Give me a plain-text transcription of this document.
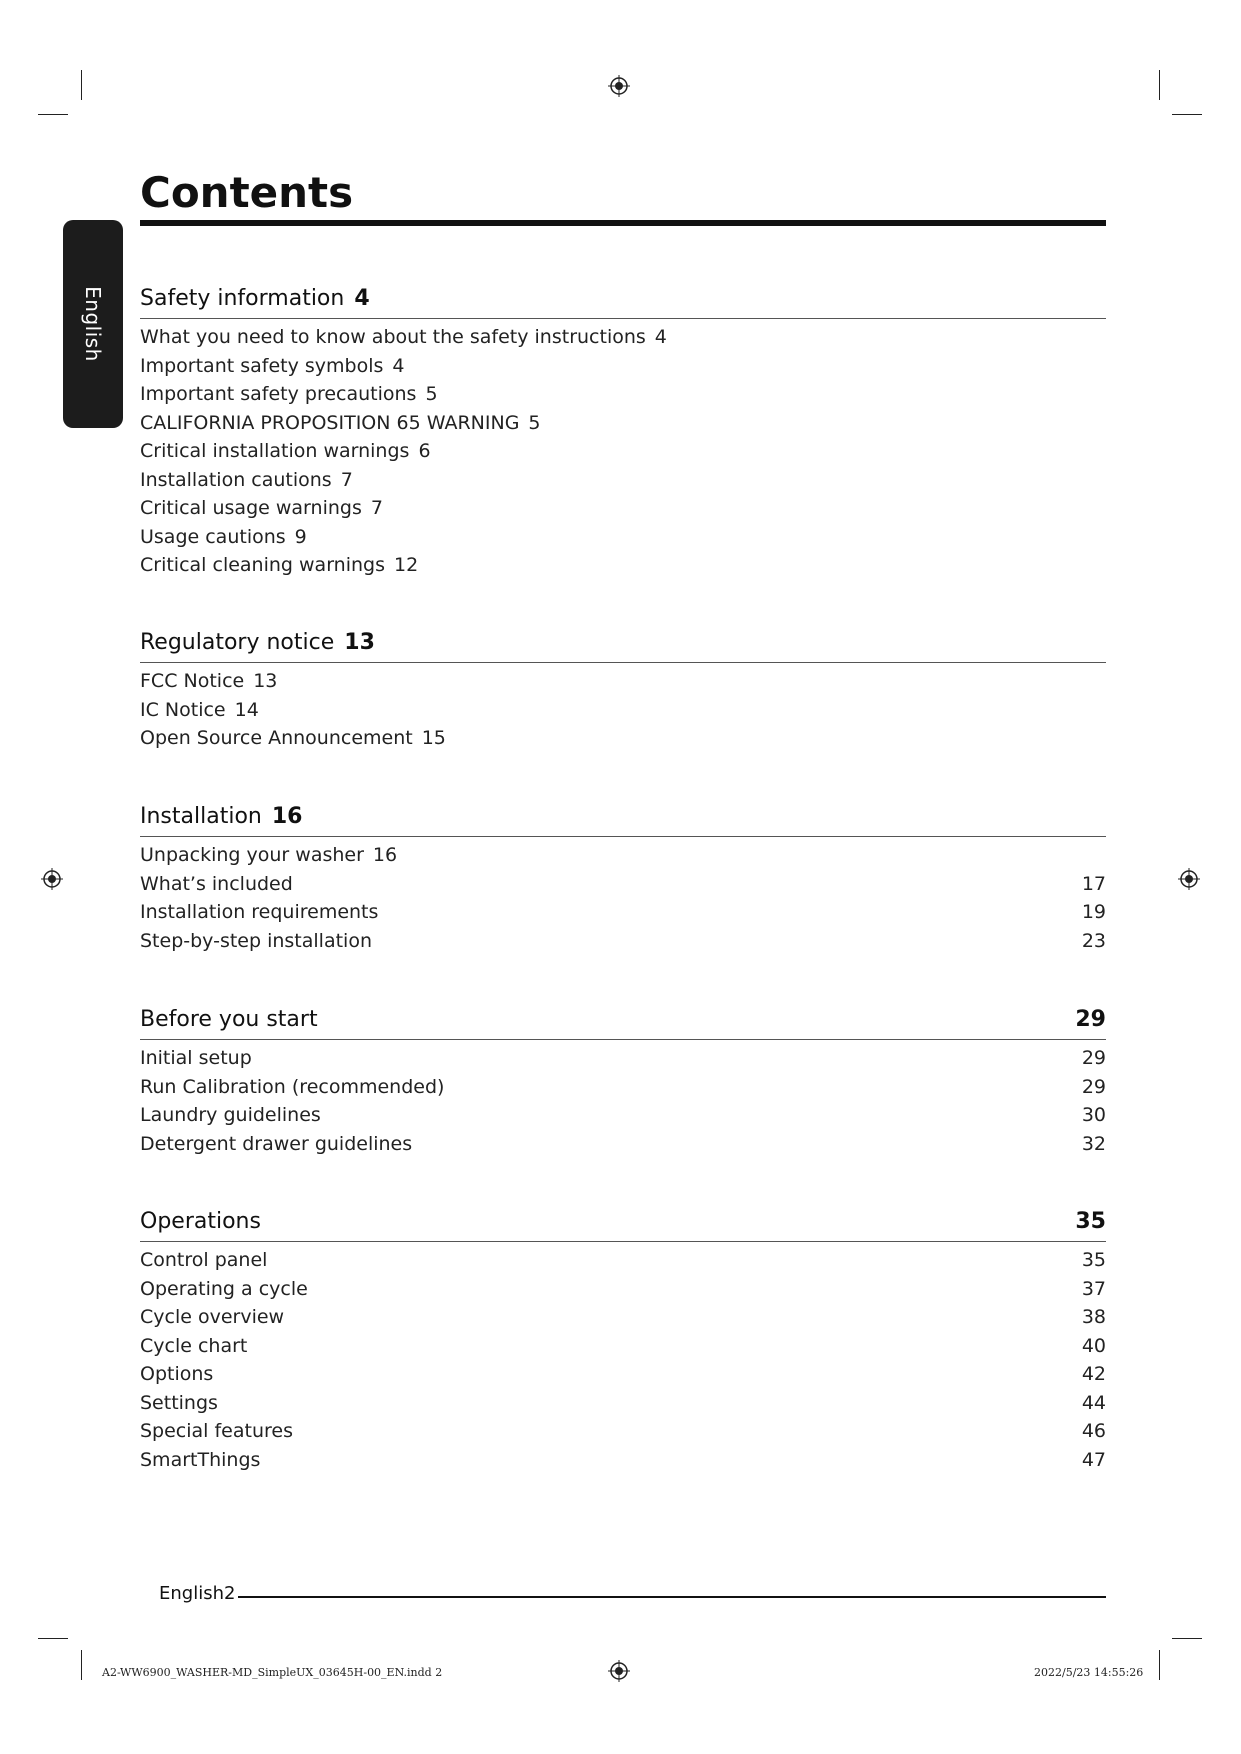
English
Contents
Safety information 4
What you need to know about the safety instructions 4
Important safety symbols 4
Important safety precautions 5
CALIFORNIA PROPOSITION 65 WARNING 5
Critical installation warnings 6
Installation cautions 7
Critical usage warnings 7
Usage cautions 9
Critical cleaning warnings 12
Regulatory notice 13
FCC Notice 13
IC Notice 14
Open Source Announcement 15
Installation 16
Unpacking your washer 16
What’s included	17
Installation requirements	19
Step-by-step installation	23
Before you start	29
Initial setup	29
Run Calibration (recommended)	29
Laundry guidelines	30
Detergent drawer guidelines	32
Operations	35
Control panel	35
Operating a cycle	37
Cycle overview	38
Cycle chart	40
Options	42
Settings	44
Special features	46
SmartThings	47
English2
A2-WW6900_WASHER-MD_SimpleUX_03645H-00_EN.indd 2	2022/5/23 14:55:26
